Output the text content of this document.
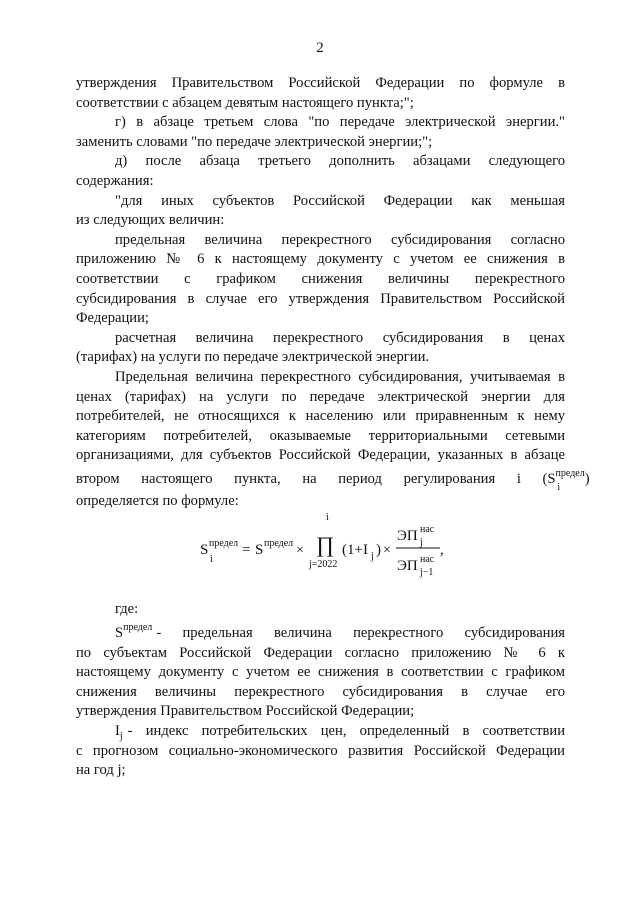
2
утверждения Правительством Российской Федерации по формуле в
соответствии с абзацем девятым настоящего пункта;";
г) в абзаце третьем слова "по передаче электрической энергии."
заменить словами "по передаче электрической энергии;";
д) после абзаца третьего дополнить абзацами следующего
содержания:
"для иных субъектов Российской Федерации как меньшая
из следующих величин:
предельная величина перекрестного субсидирования согласно
приложению № 6 к настоящему документу с учетом ее снижения в
соответствии с графиком снижения величины перекрестного
субсидирования в случае его утверждения Правительством Российской
Федерации;
расчетная величина перекрестного субсидирования в ценах
(тарифах) на услуги по передаче электрической энергии.
Предельная величина перекрестного субсидирования, учитываемая в
ценах (тарифах) на услуги по передаче электрической энергии для
потребителей, не относящихся к населению или приравненным к нему
категориям потребителей, оказываемые территориальными сетевыми
организациями, для субъектов Российской Федерации, указанных в абзаце
втором настоящего пункта, на период регулирования i ($S^{предел}$
i
)
определяется по формуле:
S предел
i
= S предел ×
i
∏
j=2022
(1+I j ) ×
ЭП нас
j
ЭП нас
j−1
,
где:
$S^{предел}$ - предельная величина перекрестного субсидирования
по субъектам Российской Федерации согласно приложению № 6 к
настоящему документу с учетом ее снижения в соответствии с графиком
снижения величины перекрестного субсидирования в случае его
утверждения Правительством Российской Федерации;
$I_j$ - индекс потребительских цен, определенный в соответствии
с прогнозом социально-экономического развития Российской Федерации
на год j;
